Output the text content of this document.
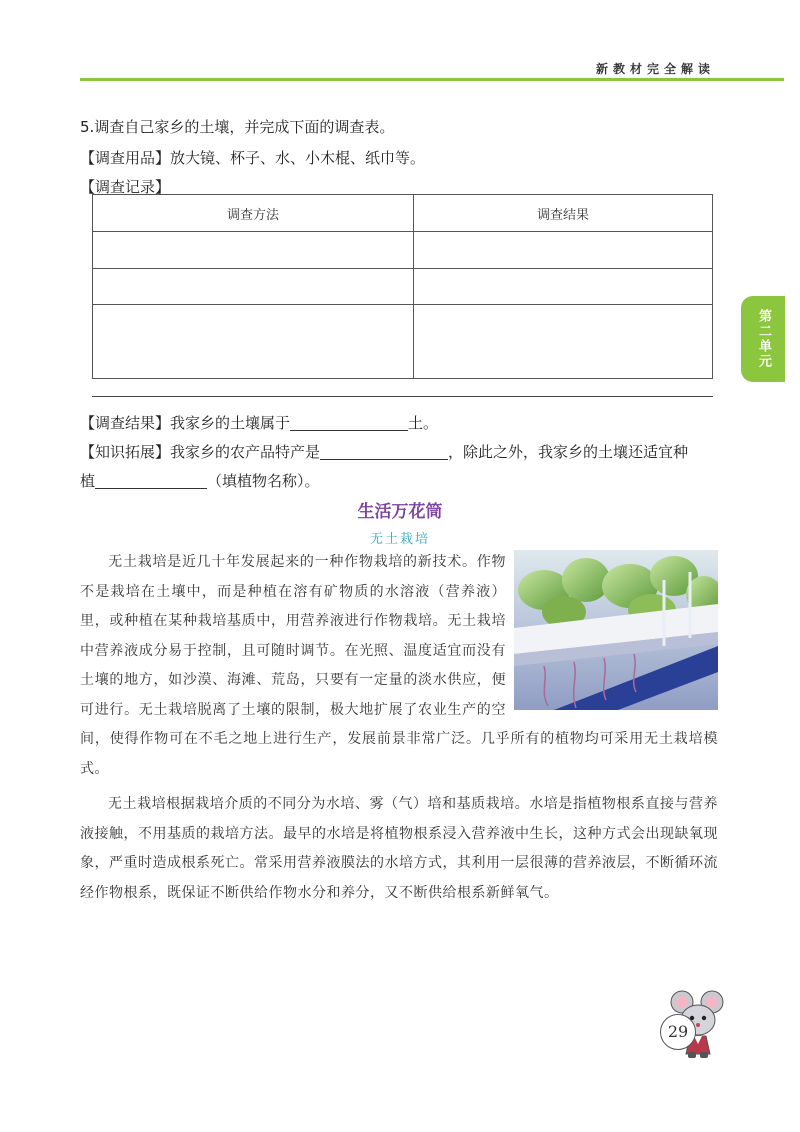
新教材完全解读
第二单元
5.调查自己家乡的土壤，并完成下面的调查表。
【调查用品】放大镜、杯子、水、小木棍、纸巾等。
【调查记录】
调查方法	调查结果

【调查结果】我家乡的土壤属于	土。
【知识拓展】我家乡的农产品特产是	，除此之外，我家乡的土壤还适宜种
植	（填植物名称）。
生活万花筒
无土栽培
无土栽培是近几十年发展起来的一种作物栽培的新技术。作物不是栽培在土壤中，而是种植在溶有矿物质的水溶液（营养液）里，或种植在某种栽培基质中，用营养液进行作物栽培。无土栽培中营养液成分易于控制，且可随时调节。在光照、温度适宜而没有土壤的地方，如沙漠、海滩、荒岛，只要有一定量的淡水供应，便可进行。无土栽培脱离了土壤的限制，极大地扩展了农业生产的空间，使得作物可在不毛之地上进行生产，发展前景非常广泛。几乎所有的植物均可采用无土栽培模式。
无土栽培根据栽培介质的不同分为水培、雾（气）培和基质栽培。水培是指植物根系直接与营养液接触，不用基质的栽培方法。最早的水培是将植物根系浸入营养液中生长，这种方式会出现缺氧现象，严重时造成根系死亡。常采用营养液膜法的水培方式，其利用一层很薄的营养液层，不断循环流经作物根系，既保证不断供给作物水分和养分，又不断供给根系新鲜氧气。
29
